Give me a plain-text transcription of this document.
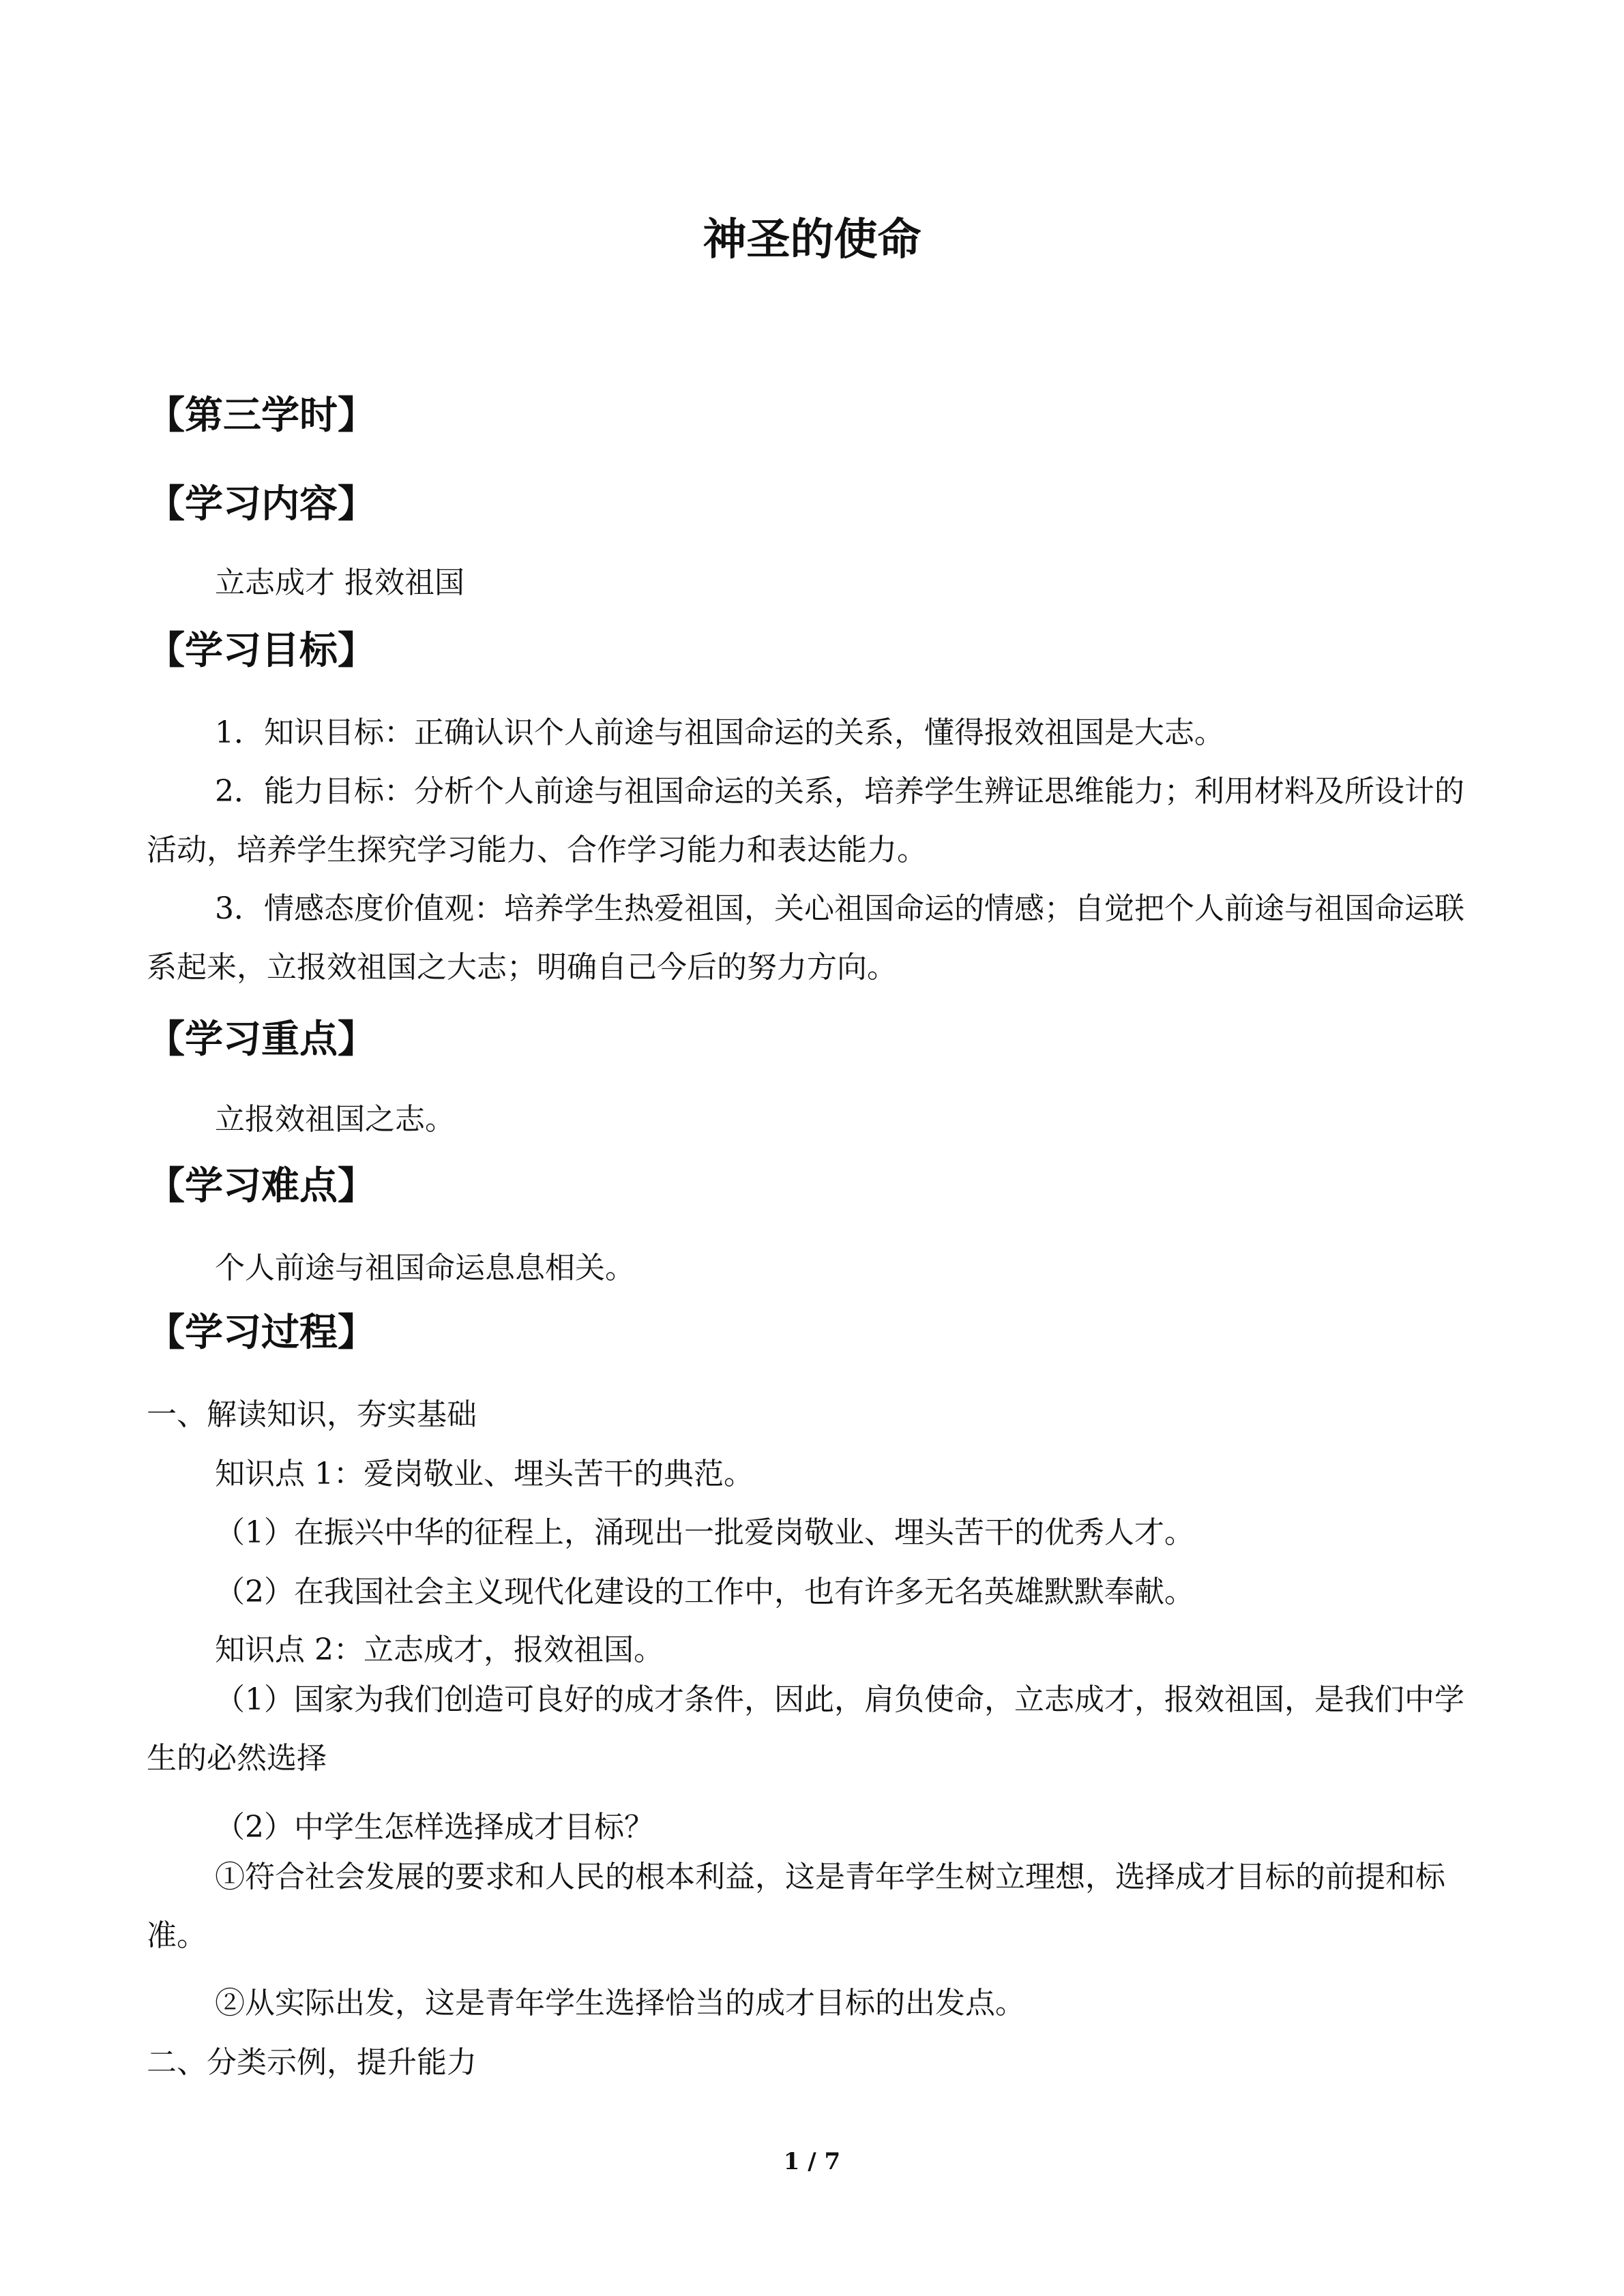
神圣的使命
【第三学时】
【学习内容】
立志成才 报效祖国
【学习目标】
1．知识目标：正确认识个人前途与祖国命运的关系，懂得报效祖国是大志。
2．能力目标：分析个人前途与祖国命运的关系，培养学生辨证思维能力；利用材料及所设计的活动，培养学生探究学习能力、合作学习能力和表达能力。
3．情感态度价值观：培养学生热爱祖国，关心祖国命运的情感；自觉把个人前途与祖国命运联系起来，立报效祖国之大志；明确自己今后的努力方向。
【学习重点】
立报效祖国之志。
【学习难点】
个人前途与祖国命运息息相关。
【学习过程】
一、解读知识，夯实基础
知识点 1：爱岗敬业、埋头苦干的典范。
（1）在振兴中华的征程上，涌现出一批爱岗敬业、埋头苦干的优秀人才。
（2）在我国社会主义现代化建设的工作中，也有许多无名英雄默默奉献。
知识点 2：立志成才，报效祖国。
（1）国家为我们创造可良好的成才条件，因此，肩负使命，立志成才，报效祖国，是我们中学生的必然选择
（2）中学生怎样选择成才目标？
①符合社会发展的要求和人民的根本利益，这是青年学生树立理想，选择成才目标的前提和标准。
②从实际出发，这是青年学生选择恰当的成才目标的出发点。
二、分类示例，提升能力
1 / 7
